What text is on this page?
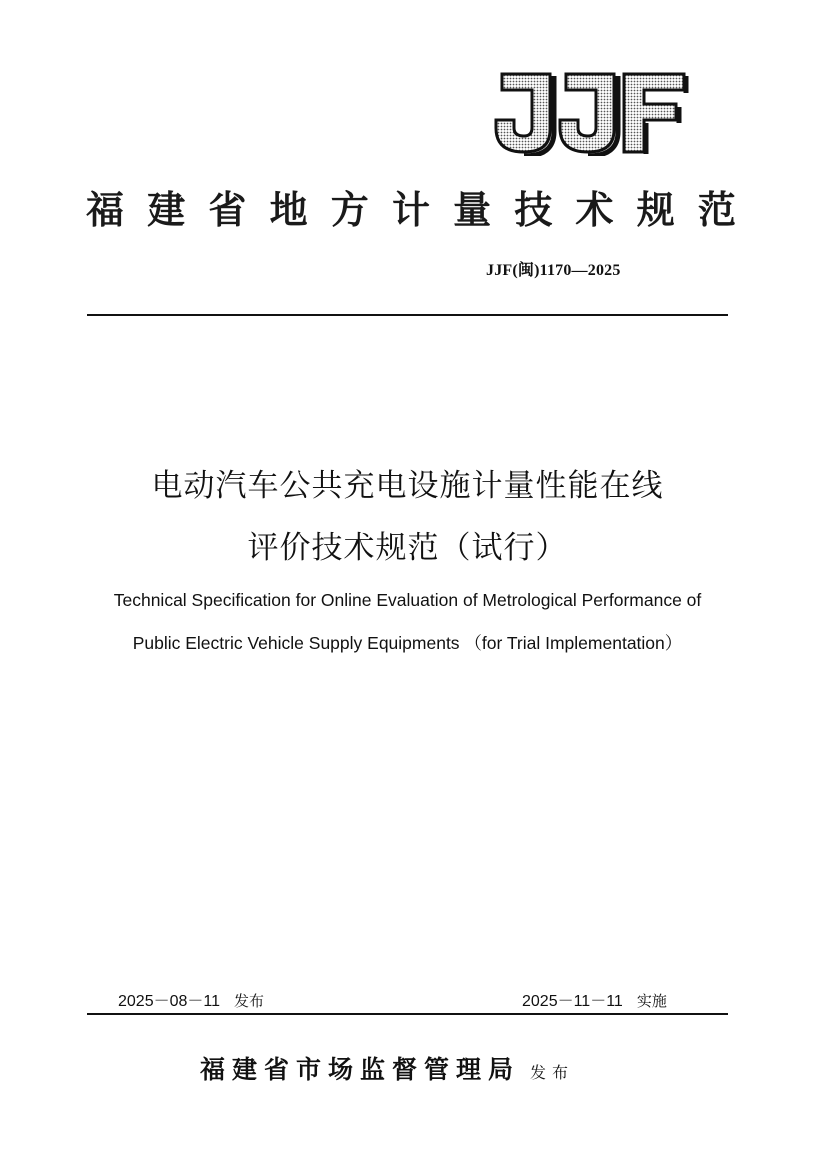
福 建 省 地 方 计 量 技 术 规 范
JJF(闽)1170—2025
电动汽车公共充电设施计量性能在线
评价技术规范（试行）
Technical Specification for Online Evaluation of Metrological Performance of
Public Electric Vehicle Supply Equipments （for Trial Implementation）
2025－08－11 发布	2025－11－11 实施
福建省市场监督管理局 发布
